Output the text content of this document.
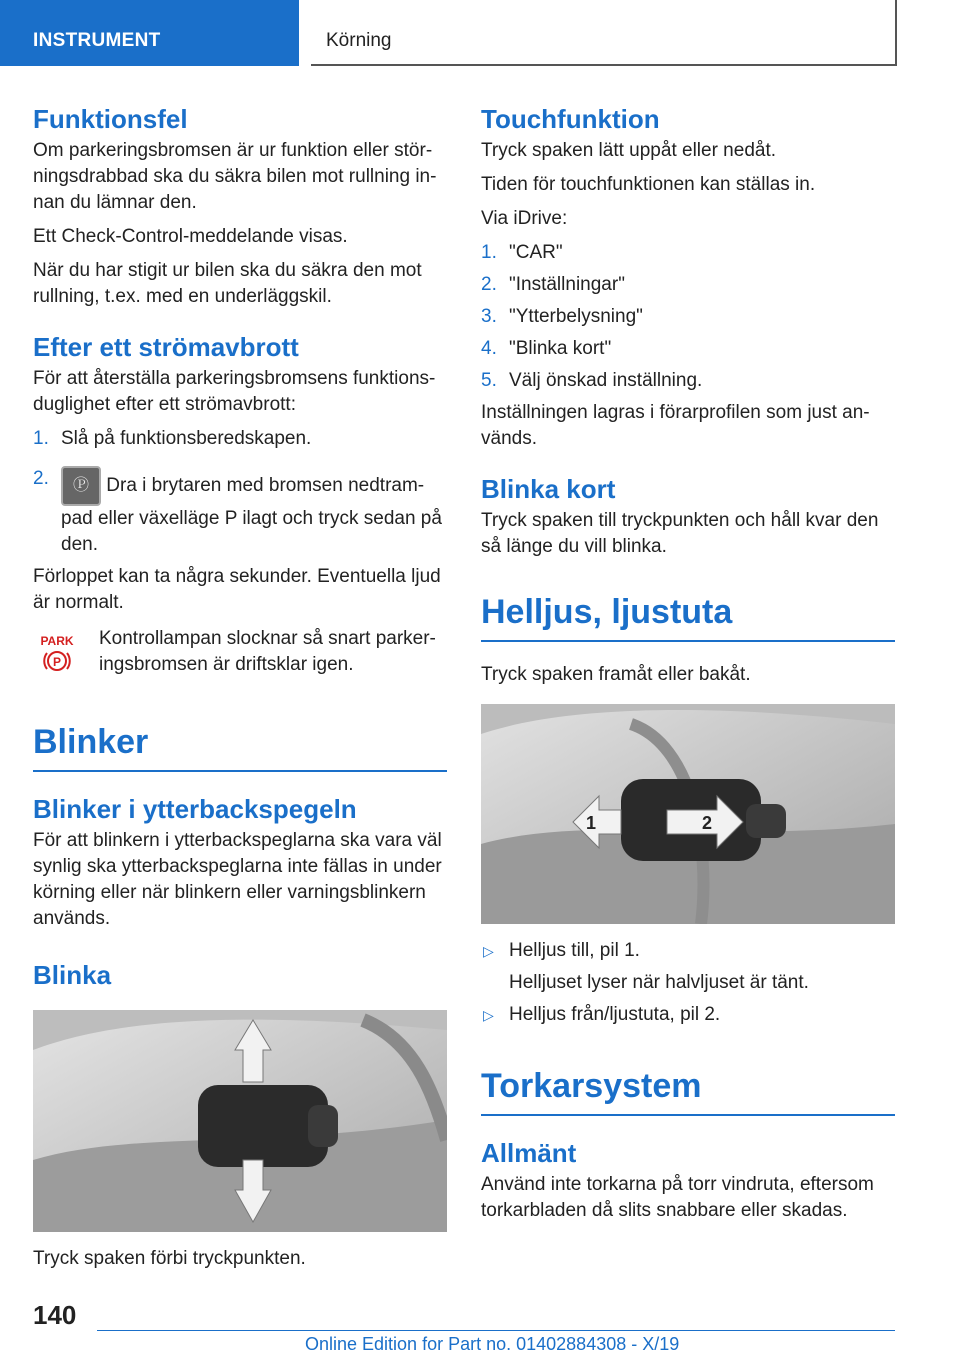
INSTRUMENT	Körning
Funktionsfel

Om parkeringsbromsen är ur funktion eller stör-ningsdrabbad ska du säkra bilen mot rullning in-nan du lämnar den.

Ett Check-Control-meddelande visas.

När du har stigit ur bilen ska du säkra den mot rullning, t.ex. med en underläggskil.

Efter ett strömavbrott

För att återställa parkeringsbromsens funktions-duglighet efter ett strömavbrott:

1. Slå på funktionsberedskapen.
2. Ⓟ Dra i brytaren med bromsen nedtram-pad eller växelläge P ilagt och tryck sedan på den.

Förloppet kan ta några sekunder. Eventuella ljud är normalt.

PARK
P

Kontrollampan slocknar så snart parker-ingsbromsen är driftsklar igen.

Blinker
Blinker i ytterbackspegeln

För att blinkern i ytterbackspeglarna ska vara väl synlig ska ytterbackspeglarna inte fällas in under körning eller när blinkern eller varningsblinkern används.

Blinka

Tryck spaken förbi tryckpunkten.

Touchfunktion

Tryck spaken lätt uppåt eller nedåt.

Tiden för touchfunktionen kan ställas in.

Via iDrive:

1. "CAR"
2. "Inställningar"
3. "Ytterbelysning"
4. "Blinka kort"
5. Välj önskad inställning.

Inställningen lagras i förarprofilen som just an-vänds.

Blinka kort

Tryck spaken till tryckpunkten och håll kvar den så länge du vill blinka.

Helljus, ljustuta

Tryck spaken framåt eller bakåt.

1	2
▷ Helljus till, pil 1.
Helljuset lyser när halvljuset är tänt.
▷ Helljus från/ljustuta, pil 2.
Torkarsystem
Allmänt

Använd inte torkarna på torr vindruta, eftersom torkarbladen då slits snabbare eller skadas.

140
Online Edition for Part no. 01402884308 - X/19
